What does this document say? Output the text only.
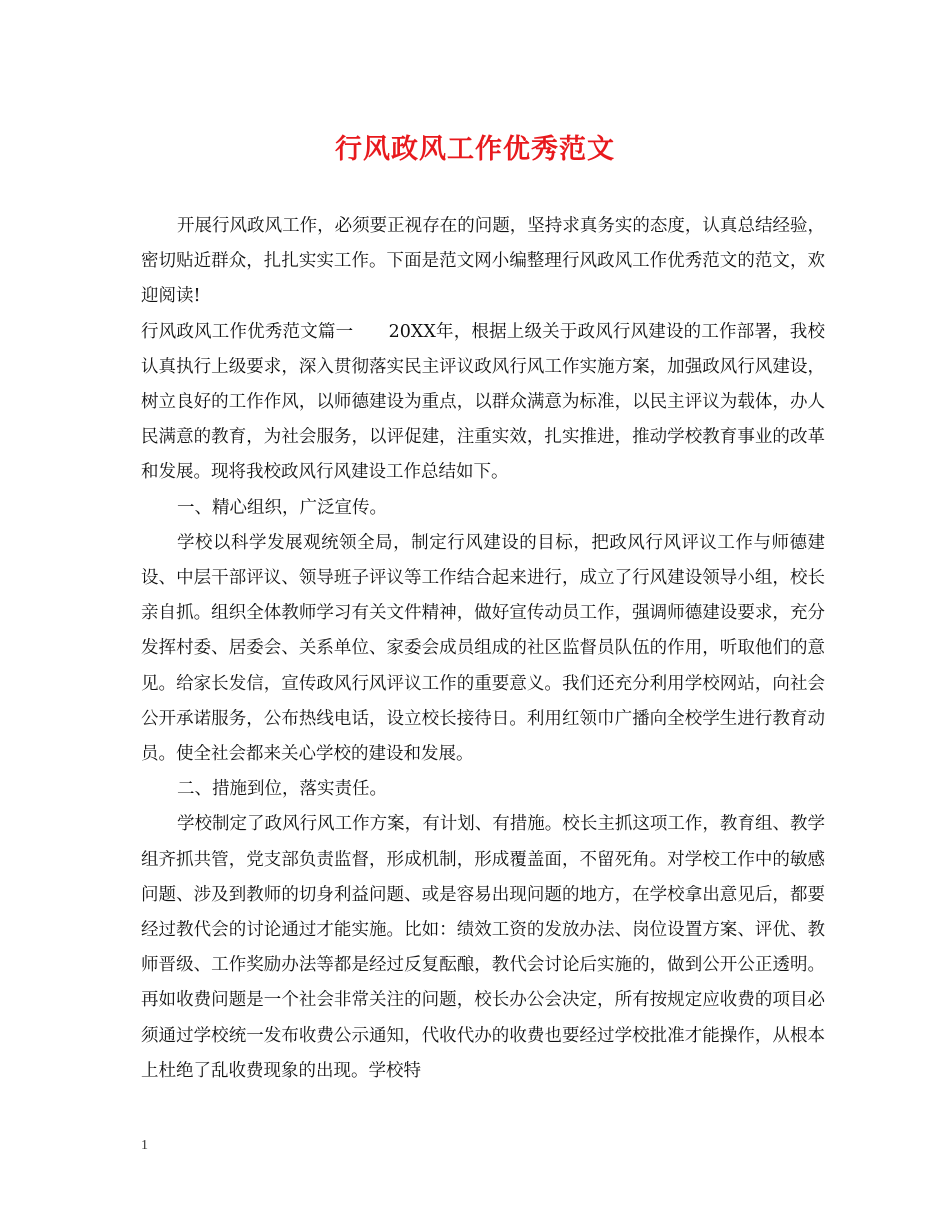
行风政风工作优秀范文

开展行风政风工作，必须要正视存在的问题，坚持求真务实的态度，认真总结经验，密切贴近群众，扎扎实实工作。下面是范文网小编整理行风政风工作优秀范文的范文，欢迎阅读!

行风政风工作优秀范文篇一　　20XX年，根据上级关于政风行风建设的工作部署，我校认真执行上级要求，深入贯彻落实民主评议政风行风工作实施方案，加强政风行风建设，树立良好的工作作风，以师德建设为重点，以群众满意为标准，以民主评议为载体，办人民满意的教育，为社会服务，以评促建，注重实效，扎实推进，推动学校教育事业的改革和发展。现将我校政风行风建设工作总结如下。

一、精心组织，广泛宣传。

学校以科学发展观统领全局，制定行风建设的目标，把政风行风评议工作与师德建设、中层干部评议、领导班子评议等工作结合起来进行，成立了行风建设领导小组，校长亲自抓。组织全体教师学习有关文件精神，做好宣传动员工作，强调师德建设要求，充分发挥村委、居委会、关系单位、家委会成员组成的社区监督员队伍的作用，听取他们的意见。给家长发信，宣传政风行风评议工作的重要意义。我们还充分利用学校网站，向社会公开承诺服务，公布热线电话，设立校长接待日。利用红领巾广播向全校学生进行教育动员。使全社会都来关心学校的建设和发展。

二、措施到位，落实责任。

学校制定了政风行风工作方案，有计划、有措施。校长主抓这项工作，教育组、教学组齐抓共管，党支部负责监督，形成机制，形成覆盖面，不留死角。对学校工作中的敏感问题、涉及到教师的切身利益问题、或是容易出现问题的地方，在学校拿出意见后，都要经过教代会的讨论通过才能实施。比如：绩效工资的发放办法、岗位设置方案、评优、教师晋级、工作奖励办法等都是经过反复酝酿，教代会讨论后实施的，做到公开公正透明。再如收费问题是一个社会非常关注的问题，校长办公会决定，所有按规定应收费的项目必须通过学校统一发布收费公示通知，代收代办的收费也要经过学校批准才能操作，从根本上杜绝了乱收费现象的出现。学校特

1
